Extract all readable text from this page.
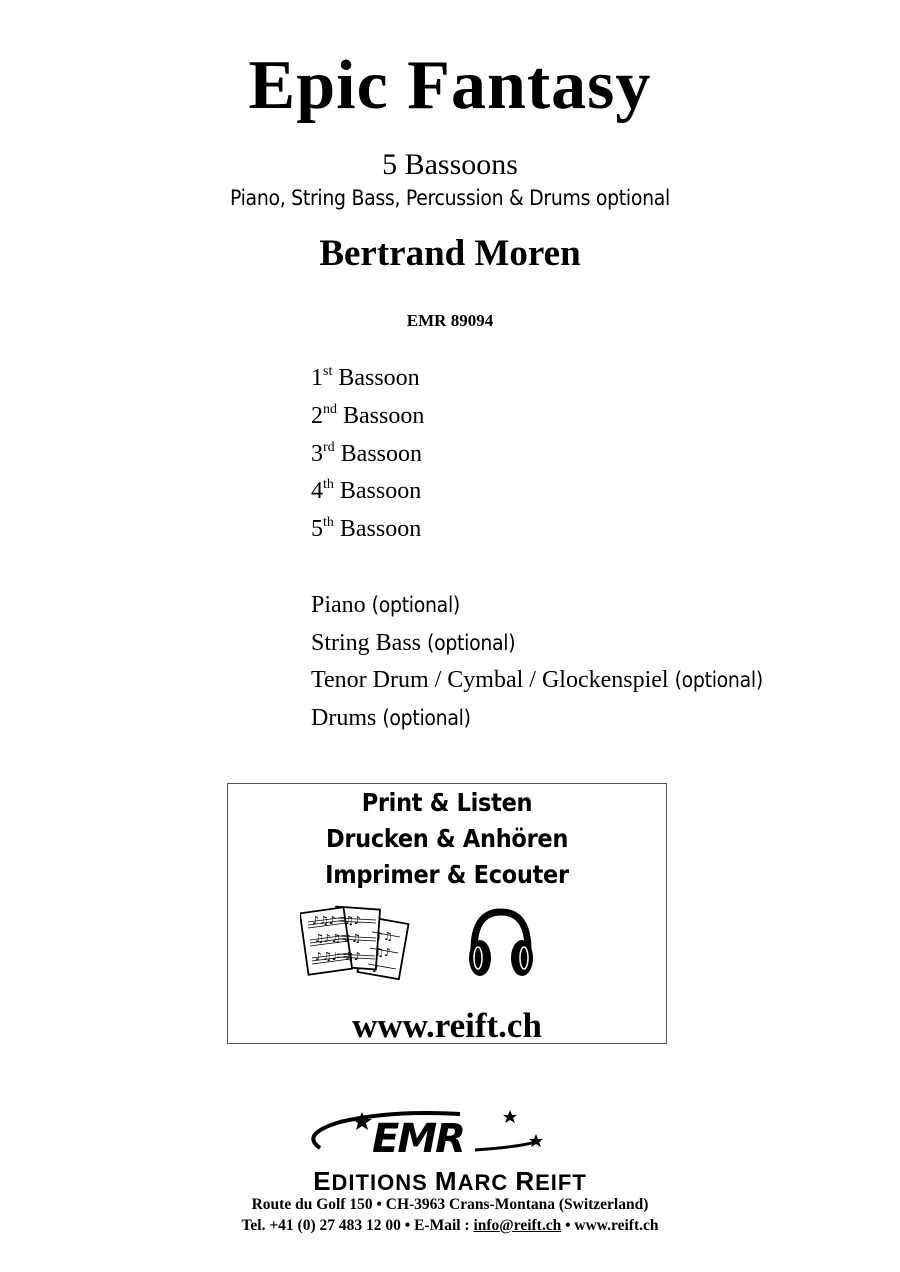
Epic Fantasy
5 Bassoons
Piano, String Bass, Percussion & Drums optional
Bertrand Moren
EMR 89094
1st Bassoon
2nd Bassoon
3rd Bassoon
4th Bassoon
5th Bassoon
Piano (optional)
String Bass (optional)
Tenor Drum / Cymbal / Glockenspiel (optional)
Drums (optional)
Print & Listen
Drucken & Anhören
Imprimer & Ecouter
♪♫♪
♫♪♫
♪♫♩
♫♪
♪♫
♫♪
♪♫
♫♪
♪
www.reift.ch
EMR
EDITIONS MARC REIFT
Route du Golf 150 • CH-3963 Crans-Montana (Switzerland)
Tel. +41 (0) 27 483 12 00 • E-Mail : info@reift.ch • www.reift.ch
